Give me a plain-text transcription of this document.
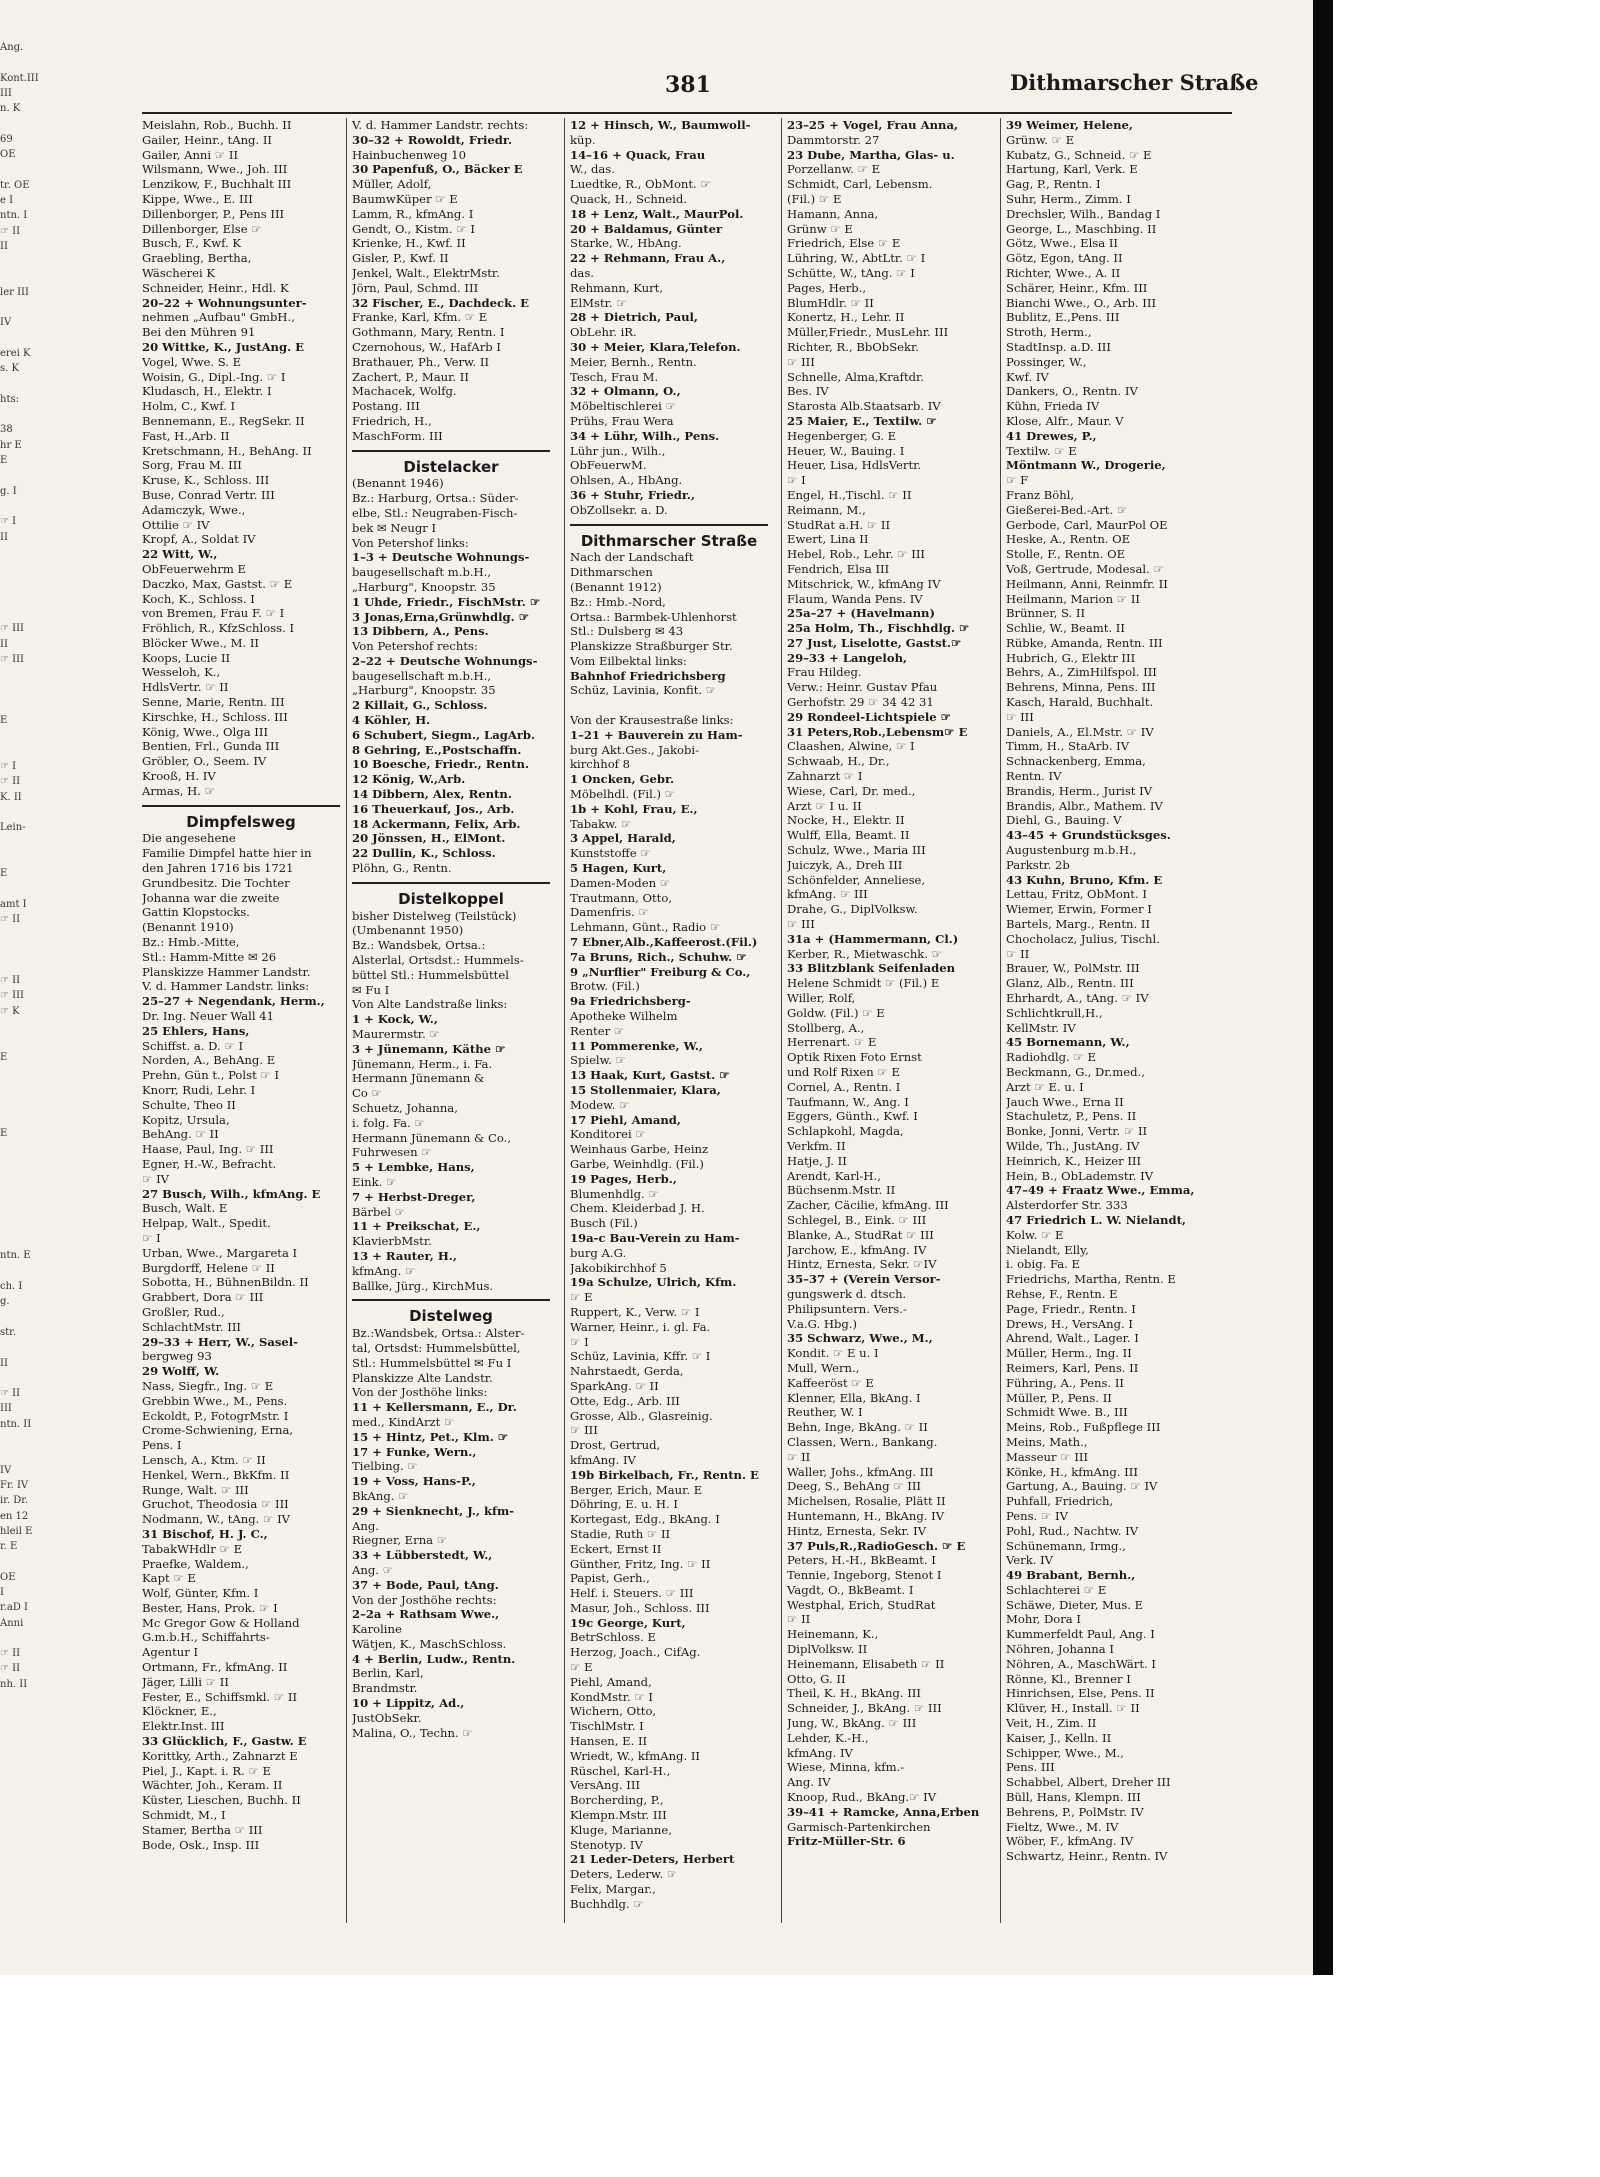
Ang.

Kont.III
III
n. K

69
OE

tr. OE
e I
ntn. I
☞ II
II

ler III

IV

erei K
s. K

hts:

38
hr E
E

g. I

☞ I
II

☞ III
II
☞ III

E

☞ I
☞ II
K. II

Lein-

E

amt I
☞ II

☞ II
☞ III
☞ K

E

E

ntn. E

ch. I
g.

str.

II

☞ II
III
ntn. II

IV
Fr. IV
ir. Dr.
en 12
hleil E
r. E

OE
I
r.aD I
Anni

☞ II
☞ II
nh. II
381	Dithmarscher Straße
Meislahn, Rob., Buchh. II
Gailer, Heinr., tAng. II
Gailer, Anni ☞ II
Wilsmann, Wwe., Joh. III
Lenzikow, F., Buchhalt III
Kippe, Wwe., E. III
Dillenborger, P., Pens III
Dillenborger, Else ☞
Busch, F., Kwf. K
Graebling, Bertha,
Wäscherei K
Schneider, Heinr., Hdl. K
20–22 + Wohnungsunter-
nehmen „Aufbau" GmbH.,
Bei den Mühren 91
20 Wittke, K., JustAng. E
Vogel, Wwe. S. E
Woisin, G., Dipl.-Ing. ☞ I
Kludasch, H., Elektr. I
Holm, C., Kwf. I
Bennemann, E., RegSekr. II
Fast, H.,Arb. II
Kretschmann, H., BehAng. II
Sorg, Frau M. III
Kruse, K., Schloss. III
Buse, Conrad Vertr. III
Adamczyk, Wwe.,
Ottilie ☞ IV
Kropf, A., Soldat IV
22 Witt, W.,
ObFeuerwehrm E
Daczko, Max, Gastst. ☞ E
Koch, K., Schloss. I
von Bremen, Frau F. ☞ I
Fröhlich, R., KfzSchloss. I
Blöcker Wwe., M. II
Koops, Lucie II
Wesseloh, K.,
HdlsVertr. ☞ II
Senne, Marie, Rentn. III
Kirschke, H., Schloss. III
König, Wwe., Olga III
Bentien, Frl., Gunda III
Gröbler, O., Seem. IV
Krooß, H. IV
Armas, H. ☞
Dimpfelsweg
Die angesehene
Familie Dimpfel hatte hier in
den Jahren 1716 bis 1721
Grundbesitz. Die Tochter
Johanna war die zweite
Gattin Klopstocks.
(Benannt 1910)
Bz.: Hmb.-Mitte,
Stl.: Hamm-Mitte ✉ 26
Planskizze Hammer Landstr.
V. d. Hammer Landstr. links:
25–27 + Negendank, Herm.,
Dr. Ing. Neuer Wall 41
25 Ehlers, Hans,
Schiffst. a. D. ☞ I
Norden, A., BehAng. E
Prehn, Gün t., Polst ☞ I
Knorr, Rudi, Lehr. I
Schulte, Theo II
Kopitz, Ursula,
BehAng. ☞ II
Haase, Paul, Ing. ☞ III
Egner, H.-W., Befracht.
☞ IV
27 Busch, Wilh., kfmAng. E
Busch, Walt. E
Helpap, Walt., Spedit.
☞ I
Urban, Wwe., Margareta I
Burgdorff, Helene ☞ II
Sobotta, H., BühnenBildn. II
Grabbert, Dora ☞ III
Großler, Rud.,
SchlachtMstr. III
29–33 + Herr, W., Sasel-
bergweg 93
29 Wolff, W.
Nass, Siegfr., Ing. ☞ E
Grebbin Wwe., M., Pens.
Eckoldt, P., FotogrMstr. I
Crome-Schwiening, Erna,
Pens. I
Lensch, A., Ktm. ☞ II
Henkel, Wern., BkKfm. II
Runge, Walt. ☞ III
Gruchot, Theodosia ☞ III
Nodmann, W., tAng. ☞ IV
31 Bischof, H. J. C.,
TabakWHdlr ☞ E
Praefke, Waldem.,
Kapt ☞ E
Wolf, Günter, Kfm. I
Bester, Hans, Prok. ☞ I
Mc Gregor Gow & Holland
G.m.b.H., Schiffahrts-
Agentur I
Ortmann, Fr., kfmAng. II
Jäger, Lilli ☞ II
Fester, E., Schiffsmkl. ☞ II
Klöckner, E.,
Elektr.Inst. III
33 Glücklich, F., Gastw. E
Korittky, Arth., Zahnarzt E
Piel, J., Kapt. i. R. ☞ E
Wächter, Joh., Keram. II
Küster, Lieschen, Buchh. II
Schmidt, M., I
Stamer, Bertha ☞ III
Bode, Osk., Insp. III
V. d. Hammer Landstr. rechts:
30–32 + Rowoldt, Friedr.
Hainbuchenweg 10
30 Papenfuß, O., Bäcker E
Müller, Adolf,
BaumwKüper ☞ E
Lamm, R., kfmAng. I
Gendt, O., Kistm. ☞ I
Krienke, H., Kwf. II
Gisler, P., Kwf. II
Jenkel, Walt., ElektrMstr.
Jörn, Paul, Schmd. III
32 Fischer, E., Dachdeck. E
Franke, Karl, Kfm. ☞ E
Gothmann, Mary, Rentn. I
Czernohous, W., HafArb I
Brathauer, Ph., Verw. II
Zachert, P., Maur. II
Machacek, Wolfg.
Postang. III
Friedrich, H.,
MaschForm. III
Distelacker
(Benannt 1946)
Bz.: Harburg, Ortsa.: Süder-
elbe, Stl.: Neugraben-Fisch-
bek ✉ Neugr I
Von Petershof links:
1–3 + Deutsche Wohnungs-
baugesellschaft m.b.H.,
„Harburg", Knoopstr. 35
1 Uhde, Friedr., FischMstr. ☞
3 Jonas,Erna,Grünwhdlg. ☞
13 Dibbern, A., Pens.
Von Petershof rechts:
2–22 + Deutsche Wohnungs-
baugesellschaft m.b.H.,
„Harburg", Knoopstr. 35
2 Killait, G., Schloss.
4 Köhler, H.
6 Schubert, Siegm., LagArb.
8 Gehring, E.,Postschaffn.
10 Boesche, Friedr., Rentn.
12 König, W.,Arb.
14 Dibbern, Alex, Rentn.
16 Theuerkauf, Jos., Arb.
18 Ackermann, Felix, Arb.
20 Jönssen, H., ElMont.
22 Dullin, K., Schloss.
Plöhn, G., Rentn.
Distelkoppel
bisher Distelweg (Teilstück)
(Umbenannt 1950)
Bz.: Wandsbek, Ortsa.:
Alsterlal, Ortsdst.: Hummels-
büttel Stl.: Hummelsbüttel
✉ Fu I
Von Alte Landstraße links:
1 + Kock, W.,
Maurermstr. ☞
3 + Jünemann, Käthe ☞
Jünemann, Herm., i. Fa.
Hermann Jünemann &
Co ☞
Schuetz, Johanna,
i. folg. Fa. ☞
Hermann Jünemann & Co.,
Fuhrwesen ☞
5 + Lembke, Hans,
Eink. ☞
7 + Herbst-Dreger,
Bärbel ☞
11 + Preikschat, E.,
KlavierbMstr.
13 + Rauter, H.,
kfmAng. ☞
Ballke, Jürg., KirchMus.
Distelweg
Bz.:Wandsbek, Ortsa.: Alster-
tal, Ortsdst: Hummelsbüttel,
Stl.: Hummelsbüttel ✉ Fu I
Planskizze Alte Landstr.
Von der Josthöhe links:
11 + Kellersmann, E., Dr.
med., KindArzt ☞
15 + Hintz, Pet., Klm. ☞
17 + Funke, Wern.,
Tielbing. ☞
19 + Voss, Hans-P.,
BkAng. ☞
29 + Sienknecht, J., kfm-
Ang.
Riegner, Erna ☞
33 + Lübberstedt, W.,
Ang. ☞
37 + Bode, Paul, tAng.
Von der Josthöhe rechts:
2–2a + Rathsam Wwe.,
Karoline
Wätjen, K., MaschSchloss.
4 + Berlin, Ludw., Rentn.
Berlin, Karl,
Brandmstr.
10 + Lippitz, Ad.,
JustObSekr.
Malina, O., Techn. ☞
12 + Hinsch, W., Baumwoll-
küp.
14–16 + Quack, Frau
W., das.
Luedtke, R., ObMont. ☞
Quack, H., Schneid.
18 + Lenz, Walt., MaurPol.
20 + Baldamus, Günter
Starke, W., HbAng.
22 + Rehmann, Frau A.,
das.
Rehmann, Kurt,
ElMstr. ☞
28 + Dietrich, Paul,
ObLehr. iR.
30 + Meier, Klara,Telefon.
Meier, Bernh., Rentn.
Tesch, Frau M.
32 + Olmann, O.,
Möbeltischlerei ☞
Prühs, Frau Wera
34 + Lühr, Wilh., Pens.
Lühr jun., Wilh.,
ObFeuerwM.
Ohlsen, A., HbAng.
36 + Stuhr, Friedr.,
ObZollsekr. a. D.
Dithmarscher Straße
Nach der Landschaft
Dithmarschen
(Benannt 1912)
Bz.: Hmb.-Nord,
Ortsa.: Barmbek-Uhlenhorst
Stl.: Dulsberg ✉ 43
Planskizze Straßburger Str.
Vom Eilbektal links:
Bahnhof Friedrichsberg
Schüz, Lavinia, Konfit. ☞

Von der Krausestraße links:
1–21 + Bauverein zu Ham-
burg Akt.Ges., Jakobi-
kirchhof 8
1 Oncken, Gebr.
Möbelhdl. (Fil.) ☞
1b + Kohl, Frau, E.,
Tabakw. ☞
3 Appel, Harald,
Kunststoffe ☞
5 Hagen, Kurt,
Damen-Moden ☞
Trautmann, Otto,
Damenfris. ☞
Lehmann, Günt., Radio ☞
7 Ebner,Alb.,Kaffeerost.(Fil.)
7a Bruns, Rich., Schuhw. ☞
9 „Nurflier" Freiburg & Co.,
Brotw. (Fil.)
9a Friedrichsberg-
Apotheke Wilhelm
Renter ☞
11 Pommerenke, W.,
Spielw. ☞
13 Haak, Kurt, Gastst. ☞
15 Stollenmaier, Klara,
Modew. ☞
17 Piehl, Amand,
Konditorei ☞
Weinhaus Garbe, Heinz
Garbe, Weinhdlg. (Fil.)
19 Pages, Herb.,
Blumenhdlg. ☞
Chem. Kleiderbad J. H.
Busch (Fil.)
19a-c Bau-Verein zu Ham-
burg A.G.
Jakobikirchhof 5
19a Schulze, Ulrich, Kfm.
☞ E
Ruppert, K., Verw. ☞ I
Warner, Heinr., i. gl. Fa.
☞ I
Schüz, Lavinia, Kffr. ☞ I
Nahrstaedt, Gerda,
SparkAng. ☞ II
Otte, Edg., Arb. III
Grosse, Alb., Glasreinig.
☞ III
Drost, Gertrud,
kfmAng. IV
19b Birkelbach, Fr., Rentn. E
Berger, Erich, Maur. E
Döhring, E. u. H. I
Kortegast, Edg., BkAng. I
Stadie, Ruth ☞ II
Eckert, Ernst II
Günther, Fritz, Ing. ☞ II
Papist, Gerh.,
Helf. i. Steuers. ☞ III
Masur, Joh., Schloss. III
19c George, Kurt,
BetrSchloss. E
Herzog, Joach., CifAg.
☞ E
Piehl, Amand,
KondMstr. ☞ I
Wichern, Otto,
TischlMstr. I
Hansen, E. II
Wriedt, W., kfmAng. II
Rüschel, Karl-H.,
VersAng. III
Borcherding, P.,
Klempn.Mstr. III
Kluge, Marianne,
Stenotyp. IV
21 Leder-Deters, Herbert
Deters, Lederw. ☞
Felix, Margar.,
Buchhdlg. ☞
23–25 + Vogel, Frau Anna,
Dammtorstr. 27
23 Dube, Martha, Glas- u.
Porzellanw. ☞ E
Schmidt, Carl, Lebensm.
(Fil.) ☞ E
Hamann, Anna,
Grünw ☞ E
Friedrich, Else ☞ E
Lühring, W., AbtLtr. ☞ I
Schütte, W., tAng. ☞ I
Pages, Herb.,
BlumHdlr. ☞ II
Konertz, H., Lehr. II
Müller,Friedr., MusLehr. III
Richter, R., BbObSekr.
☞ III
Schnelle, Alma,Kraftdr.
Bes. IV
Starosta Alb.Staatsarb. IV
25 Maier, E., Textilw. ☞
Hegenberger, G. E
Heuer, W., Bauing. I
Heuer, Lisa, HdlsVertr.
☞ I
Engel, H.,Tischl. ☞ II
Reimann, M.,
StudRat a.H. ☞ II
Ewert, Lina II
Hebel, Rob., Lehr. ☞ III
Fendrich, Elsa III
Mitschrick, W., kfmAng IV
Flaum, Wanda Pens. IV
25a–27 + (Havelmann)
25a Holm, Th., Fischhdlg. ☞
27 Just, Liselotte, Gastst.☞
29–33 + Langeloh,
Frau Hildeg.
Verw.: Heinr. Gustav Pfau
Gerhofstr. 29 ☞ 34 42 31
29 Rondeel-Lichtspiele ☞
31 Peters,Rob.,Lebensm☞ E
Claashen, Alwine, ☞ I
Schwaab, H., Dr.,
Zahnarzt ☞ I
Wiese, Carl, Dr. med.,
Arzt ☞ I u. II
Nocke, H., Elektr. II
Wulff, Ella, Beamt. II
Schulz, Wwe., Maria III
Juiczyk, A., Dreh III
Schönfelder, Anneliese,
kfmAng. ☞ III
Drahe, G., DiplVolksw.
☞ III
31a + (Hammermann, Cl.)
Kerber, R., Mietwaschk. ☞
33 Blitzblank Seifenladen
Helene Schmidt ☞ (Fil.) E
Willer, Rolf,
Goldw. (Fil.) ☞ E
Stollberg, A.,
Herrenart. ☞ E
Optik Rixen Foto Ernst
und Rolf Rixen ☞ E
Cornel, A., Rentn. I
Taufmann, W., Ang. I
Eggers, Günth., Kwf. I
Schlapkohl, Magda,
Verkfm. II
Hatje, J. II
Arendt, Karl-H.,
Büchsenm.Mstr. II
Zacher, Cäcilie, kfmAng. III
Schlegel, B., Eink. ☞ III
Blanke, A., StudRat ☞ III
Jarchow, E., kfmAng. IV
Hintz, Ernesta, Sekr. ☞IV
35–37 + (Verein Versor-
gungswerk d. dtsch.
Philipsuntern. Vers.-
V.a.G. Hbg.)
35 Schwarz, Wwe., M.,
Kondit. ☞ E u. I
Mull, Wern.,
Kaffeeröst ☞ E
Klenner, Ella, BkAng. I
Reuther, W. I
Behn, Inge, BkAng. ☞ II
Classen, Wern., Bankang.
☞ II
Waller, Johs., kfmAng. III
Deeg, S., BehAng ☞ III
Michelsen, Rosalie, Plätt II
Huntemann, H., BkAng. IV
Hintz, Ernesta, Sekr. IV
37 Puls,R.,RadioGesch. ☞ E
Peters, H.-H., BkBeamt. I
Tennie, Ingeborg, Stenot I
Vagdt, O., BkBeamt. I
Westphal, Erich, StudRat
☞ II
Heinemann, K.,
DiplVolksw. II
Heinemann, Elisabeth ☞ II
Otto, G. II
Theil, K. H., BkAng. III
Schneider, J., BkAng. ☞ III
Jung, W., BkAng. ☞ III
Lehder, K.-H.,
kfmAng. IV
Wiese, Minna, kfm.-
Ang. IV
Knoop, Rud., BkAng.☞ IV
39–41 + Ramcke, Anna,Erben
Garmisch-Partenkirchen
Fritz-Müller-Str. 6
39 Weimer, Helene,
Grünw. ☞ E
Kubatz, G., Schneid. ☞ E
Hartung, Karl, Verk. E
Gag, P., Rentn. I
Suhr, Herm., Zimm. I
Drechsler, Wilh., Bandag I
George, L., Maschbing. II
Götz, Wwe., Elsa II
Götz, Egon, tAng. II
Richter, Wwe., A. II
Schärer, Heinr., Kfm. III
Bianchi Wwe., O., Arb. III
Bublitz, E.,Pens. III
Stroth, Herm.,
StadtInsp. a.D. III
Possinger, W.,
Kwf. IV
Dankers, O., Rentn. IV
Kühn, Frieda IV
Klose, Alfr., Maur. V
41 Drewes, P.,
Textilw. ☞ E
Möntmann W., Drogerie,
☞ F
Franz Böhl,
Gießerei-Bed.-Art. ☞
Gerbode, Carl, MaurPol OE
Heske, A., Rentn. OE
Stolle, F., Rentn. OE
Voß, Gertrude, Modesal. ☞
Heilmann, Anni, Reinmfr. II
Heilmann, Marion ☞ II
Brünner, S. II
Schlie, W., Beamt. II
Rübke, Amanda, Rentn. III
Hubrich, G., Elektr III
Behrs, A., ZimHilfspol. III
Behrens, Minna, Pens. III
Kasch, Harald, Buchhalt.
☞ III
Daniels, A., El.Mstr. ☞ IV
Timm, H., StaArb. IV
Schnackenberg, Emma,
Rentn. IV
Brandis, Herm., Jurist IV
Brandis, Albr., Mathem. IV
Diehl, G., Bauing. V
43–45 + Grundstücksges.
Augustenburg m.b.H.,
Parkstr. 2b
43 Kuhn, Bruno, Kfm. E
Lettau, Fritz, ObMont. I
Wiemer, Erwin, Former I
Bartels, Marg., Rentn. II
Chocholacz, Julius, Tischl.
☞ II
Brauer, W., PolMstr. III
Glanz, Alb., Rentn. III
Ehrhardt, A., tAng. ☞ IV
Schlichtkrull,H.,
KellMstr. IV
45 Bornemann, W.,
Radiohdlg. ☞ E
Beckmann, G., Dr.med.,
Arzt ☞ E. u. I
Jauch Wwe., Erna II
Stachuletz, P., Pens. II
Bonke, Jonni, Vertr. ☞ II
Wilde, Th., JustAng. IV
Heinrich, K., Heizer III
Hein, B., ObLademstr. IV
47–49 + Fraatz Wwe., Emma,
Alsterdorfer Str. 333
47 Friedrich L. W. Nielandt,
Kolw. ☞ E
Nielandt, Elly,
i. obig. Fa. E
Friedrichs, Martha, Rentn. E
Rehse, F., Rentn. E
Page, Friedr., Rentn. I
Drews, H., VersAng. I
Ahrend, Walt., Lager. I
Müller, Herm., Ing. II
Reimers, Karl, Pens. II
Führing, A., Pens. II
Müller, P., Pens. II
Schmidt Wwe. B., III
Meins, Rob., Fußpflege III
Meins, Math.,
Masseur ☞ III
Könke, H., kfmAng. III
Gartung, A., Bauing. ☞ IV
Puhfall, Friedrich,
Pens. ☞ IV
Pohl, Rud., Nachtw. IV
Schünemann, Irmg.,
Verk. IV
49 Brabant, Bernh.,
Schlachterei ☞ E
Schäwe, Dieter, Mus. E
Mohr, Dora I
Kummerfeldt Paul, Ang. I
Nöhren, Johanna I
Nöhren, A., MaschWärt. I
Rönne, Kl., Brenner I
Hinrichsen, Else, Pens. II
Klüver, H., Install. ☞ II
Veit, H., Zim. II
Kaiser, J., Kelln. II
Schipper, Wwe., M.,
Pens. III
Schabbel, Albert, Dreher III
Büll, Hans, Klempn. III
Behrens, P., PolMstr. IV
Fieltz, Wwe., M. IV
Wöber, F., kfmAng. IV
Schwartz, Heinr., Rentn. IV
